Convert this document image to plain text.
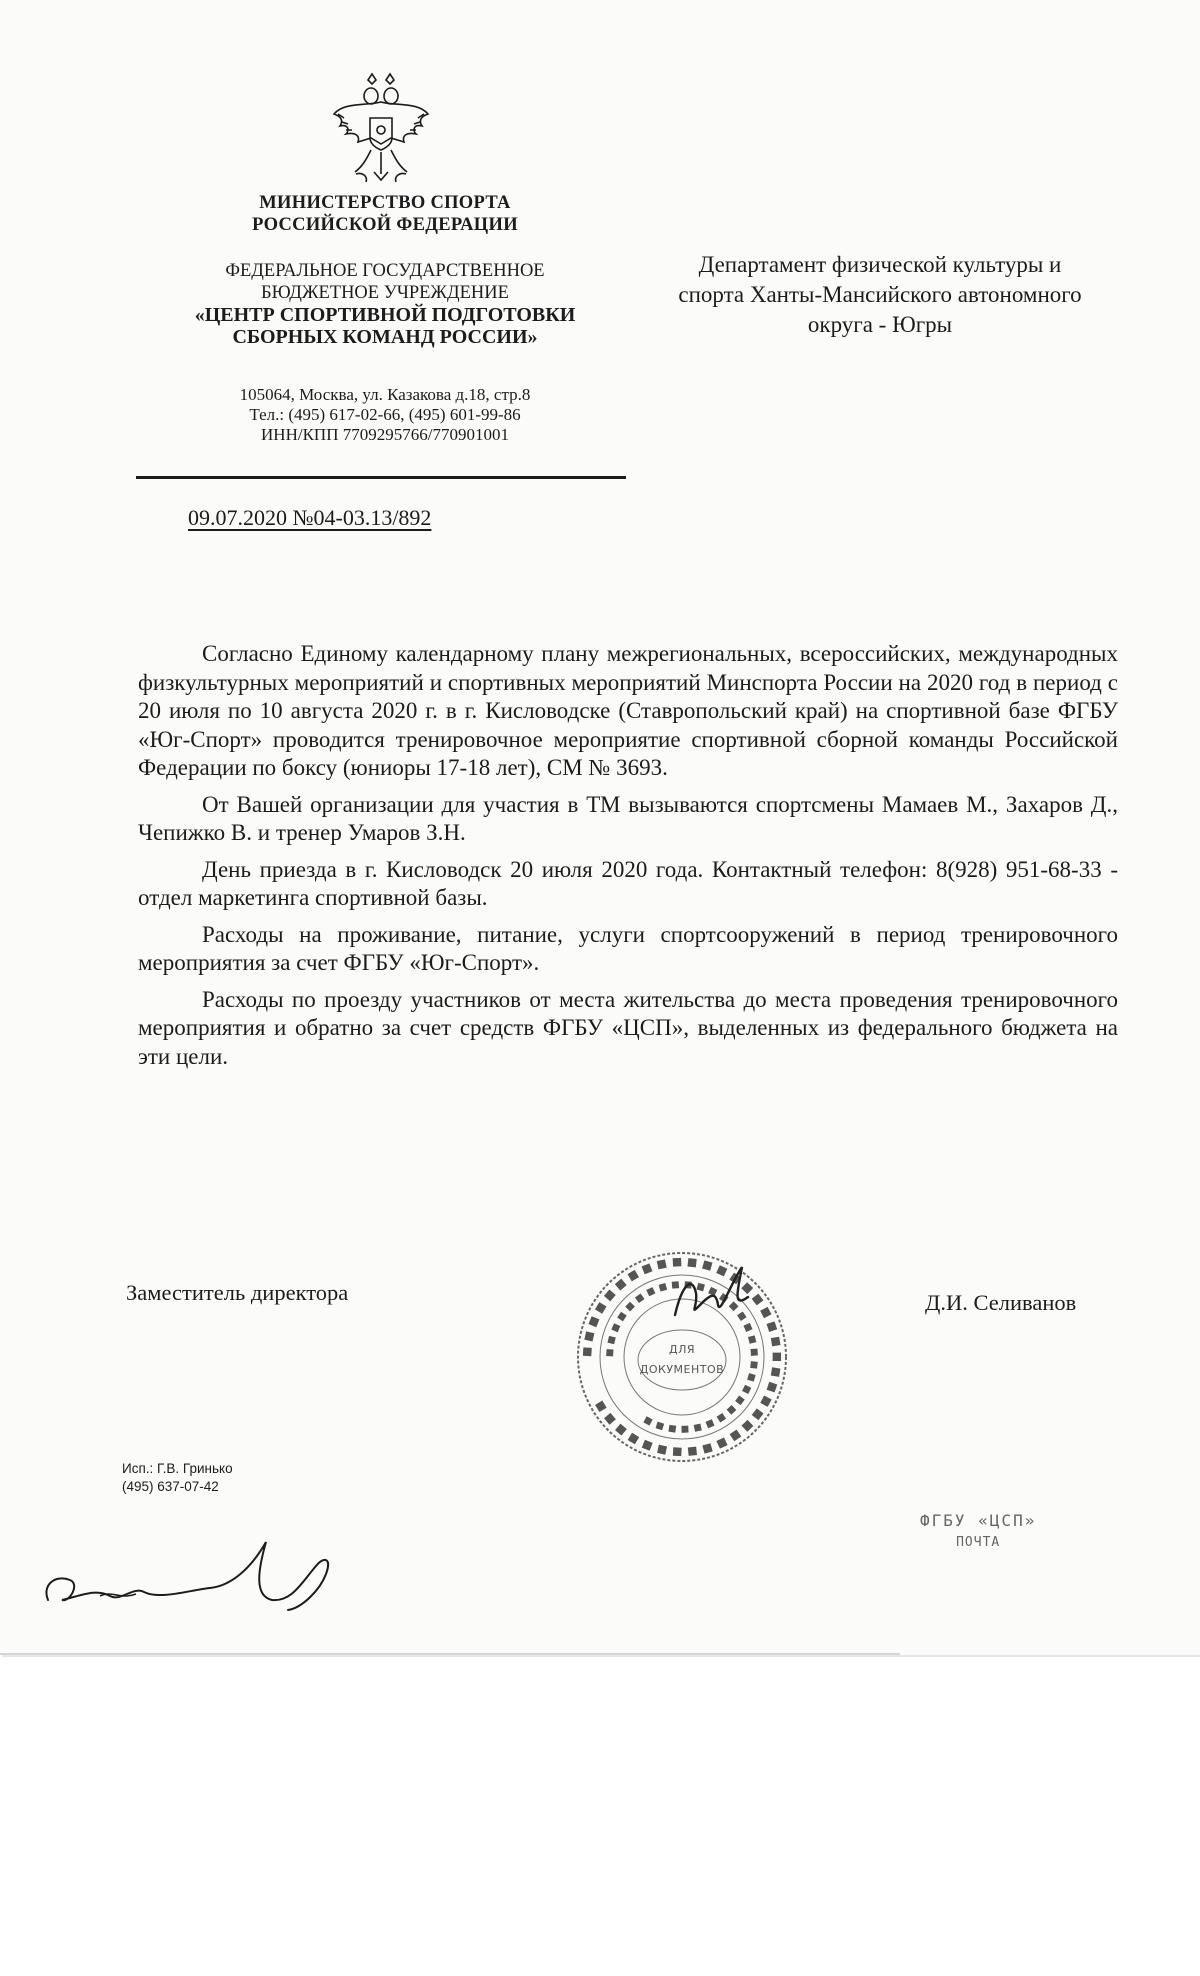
МИНИСТЕРСТВО СПОРТА
РОССИЙСКОЙ ФЕДЕРАЦИИ
ФЕДЕРАЛЬНОЕ ГОСУДАРСТВЕННОЕ
БЮДЖЕТНОЕ УЧРЕЖДЕНИЕ
«ЦЕНТР СПОРТИВНОЙ ПОДГОТОВКИ
СБОРНЫХ КОМАНД РОССИИ»
105064, Москва, ул. Казакова д.18, стр.8
Тел.: (495) 617-02-66, (495) 601-99-86
ИНН/КПП 7709295766/770901001
09.07.2020 №04-03.13/892
Департамент физической культуры и
спорта Ханты-Мансийского автономного
округа - Югры

Согласно Единому календарному плану межрегиональных, всероссийских, международных физкультурных мероприятий и спортивных мероприятий Минспорта России на 2020 год в период с 20 июля по 10 августа 2020 г. в г. Кисловодске (Ставропольский край) на спортивной базе ФГБУ «Юг-Спорт» проводится тренировочное мероприятие спортивной сборной команды Российской Федерации по боксу (юниоры 17-18 лет), СМ № 3693.

От Вашей организации для участия в ТМ вызываются спортсмены Мамаев М., Захаров Д., Чепижко В. и тренер Умаров З.Н.

День приезда в г. Кисловодск 20 июля 2020 года. Контактный телефон: 8(928) 951-68-33 - отдел маркетинга спортивной базы.

Расходы на проживание, питание, услуги спортсооружений в период тренировочного мероприятия за счет ФГБУ «Юг-Спорт».

Расходы по проезду участников от места жительства до места проведения тренировочного мероприятия и обратно за счет средств ФГБУ «ЦСП», выделенных из федерального бюджета на эти цели.

Заместитель директора
■ ■ ■ ■ ■ ■ ■ ■ ■ ■ ■ ■ ■ ■ ■ ■ ■ ■ ■ ■ ■ ■ ■ ■ ■ ■ ■ ■ ■ ■ ■ ■ ■ ■ ■ ■
■ ■ ■ ■ ■ ■ ■ ■ ■ ■ ■ ■ ■ ■ ■ ■ ■ ■ ■ ■ ■ ■ ■ ■ ■ ■ ■ ■ ■ ■
ДЛЯ
ДОКУМЕНТОВ
Д.И. Селиванов
Исп.: Г.В. Гринько
(495) 637-07-42
ФГБУ «ЦСП»
ПОЧТА
